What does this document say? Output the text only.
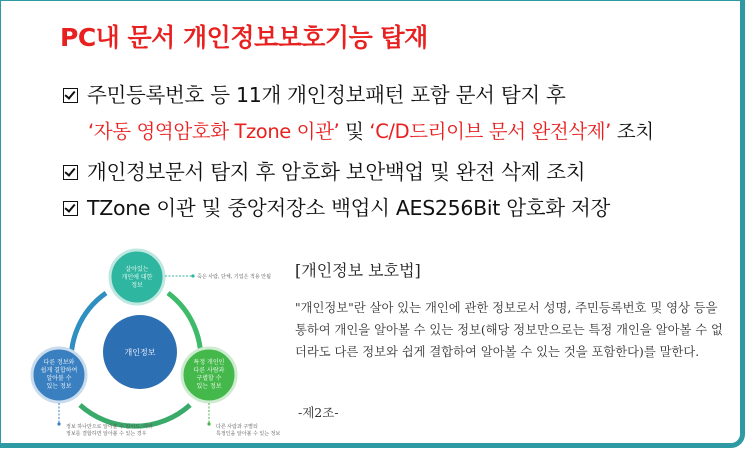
PC내 문서 개인정보보호기능 탑재
주민등록번호 등 11개 개인정보패턴 포함 문서 탐지 후
‘자동 영역암호화 Tzone 이관’ 및 ‘C/D드리이브 문서 완전삭제’ 조치
개인정보문서 탐지 후 암호화 보안백업 및 완전 삭제 조치
TZone 이관 및 중앙저장소 백업시 AES256Bit 암호화 저장
개인정보
살아있는
개인에 대한
정보
죽은 사람, 단체, 기업은 적용 안됨
다른 정보와
쉽게 결합하여
알아볼 수
있는 정보
정보 하나만으로 알아볼 수 없어도, 여러
정보를 결합하면 알아볼 수 있는 경우
특정 개인인
다른 사람과
구별할 수
있는 정보
다른 사람과 구별되
특정인을 알아볼 수 있는 정보
[개인정보 보호법]
"개인정보"란 살아 있는 개인에 관한 정보로서 성명, 주민등록번호 및 영상 등을 통하여 개인을 알아볼 수 있는 정보(해당 정보만으로는 특정 개인을 알아볼 수 없더라도 다른 정보와 쉽게 결합하여 알아볼 수 있는 것을 포함한다)를 말한다.
-제2조-
